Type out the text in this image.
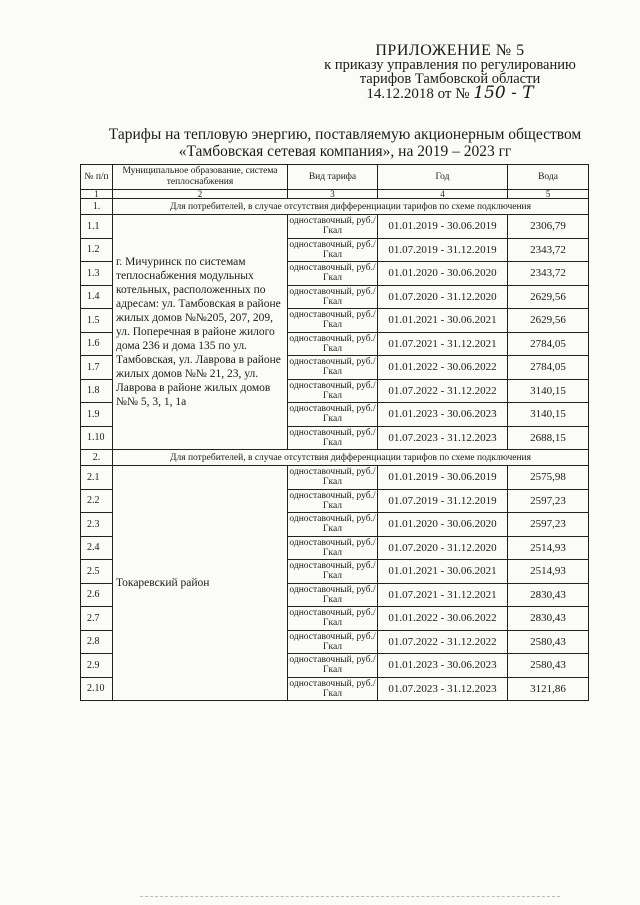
ПРИЛОЖЕНИЕ № 5
к приказу управления по регулированию
тарифов Тамбовской области
14.12.2018 от № 150 - Т
Тарифы на тепловую энергию, поставляемую акционерным обществом
«Тамбовская сетевая компания», на 2019 – 2023 гг
№ п/п	Муниципальное образование, система теплоснабжения	Вид тарифа	Год	Вода
1	2	3	4	5
1.	Для потребителей, в случае отсутствия дифференциации тарифов по схеме подключения			
1.1	г. Мичуринск по системам теплоснабжения модульных котельных, расположенных по адресам: ул. Тамбовская в районе жилых домов №№205, 207, 209, ул. Поперечная в районе жилого дома 236 и дома 135 по ул. Тамбовская, ул. Лаврова в районе жилых домов №№ 21, 23, ул. Лаврова в районе жилых домов №№ 5, 3, 1, 1а	одноставочный, руб./Гкал	01.01.2019 - 30.06.2019	2306,79
1.2		одноставочный, руб./Гкал	01.07.2019 - 31.12.2019	2343,72
1.3		одноставочный, руб./Гкал	01.01.2020 - 30.06.2020	2343,72
1.4		одноставочный, руб./Гкал	01.07.2020 - 31.12.2020	2629,56
1.5		одноставочный, руб./Гкал	01.01.2021 - 30.06.2021	2629,56
1.6		одноставочный, руб./Гкал	01.07.2021 - 31.12.2021	2784,05
1.7		одноставочный, руб./Гкал	01.01.2022 - 30.06.2022	2784,05
1.8		одноставочный, руб./Гкал	01.07.2022 - 31.12.2022	3140,15
1.9		одноставочный, руб./Гкал	01.01.2023 - 30.06.2023	3140,15
1.10		одноставочный, руб./Гкал	01.07.2023 - 31.12.2023	2688,15
2.	Для потребителей, в случае отсутствия дифференциации тарифов по схеме подключения			
2.1	Токаревский район	одноставочный, руб./Гкал	01.01.2019 - 30.06.2019	2575,98
2.2		одноставочный, руб./Гкал	01.07.2019 - 31.12.2019	2597,23
2.3		одноставочный, руб./Гкал	01.01.2020 - 30.06.2020	2597,23
2.4		одноставочный, руб./Гкал	01.07.2020 - 31.12.2020	2514,93
2.5		одноставочный, руб./Гкал	01.01.2021 - 30.06.2021	2514,93
2.6		одноставочный, руб./Гкал	01.07.2021 - 31.12.2021	2830,43
2.7		одноставочный, руб./Гкал	01.01.2022 - 30.06.2022	2830,43
2.8		одноставочный, руб./Гкал	01.07.2022 - 31.12.2022	2580,43
2.9		одноставочный, руб./Гкал	01.01.2023 - 30.06.2023	2580,43
2.10		одноставочный, руб./Гкал	01.07.2023 - 31.12.2023	3121,86
